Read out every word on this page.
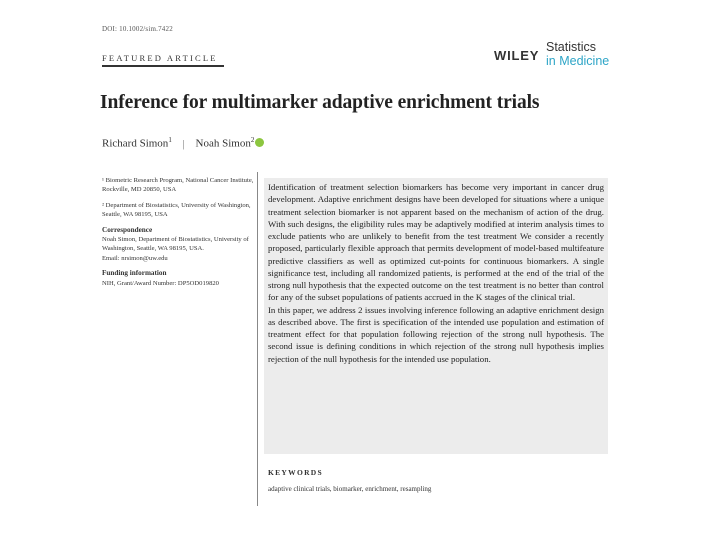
DOI: 10.1002/sim.7422
FEATURED ARTICLE	WILEY
Statistics
in Medicine
Inference for multimarker adaptive enrichment trials
Richard Simon$^1$ | Noah Simon$^2$

¹ Biometric Research Program, National Cancer Institute, Rockville, MD 20850, USA

² Department of Biostatistics, University of Washington, Seattle, WA 98195, USA

Correspondence
Noah Simon, Department of Biostatistics, University of Washington, Seattle, WA 98195, USA.

Email: nrsimon@uw.edu

Funding information

NIH, Grant/Award Number: DP5OD019820

Identification of treatment selection biomarkers has become very important in cancer drug development. Adaptive enrichment designs have been developed for situations where a unique treatment selection biomarker is not apparent based on the mechanism of action of the drug. With such designs, the eligibility rules may be adaptively modified at interim analysis times to exclude patients who are unlikely to benefit from the test treatment We consider a recently proposed, particularly flexible approach that permits development of model-based multifeature predictive classifiers as well as optimized cut-points for continuous biomarkers. A single significance test, including all randomized patients, is performed at the end of the trial of the strong null hypothesis that the expected outcome on the test treatment is no better than control for any of the subset populations of patients accrued in the K stages of the clinical trial.

In this paper, we address 2 issues involving inference following an adaptive enrichment design as described above. The first is specification of the intended use population and estimation of treatment effect for that population following rejection of the strong null hypothesis. The second issue is defining conditions in which rejection of the strong null hypothesis implies rejection of the null hypothesis for the intended use population.

KEYWORDS
adaptive clinical trials, biomarker, enrichment, resampling
